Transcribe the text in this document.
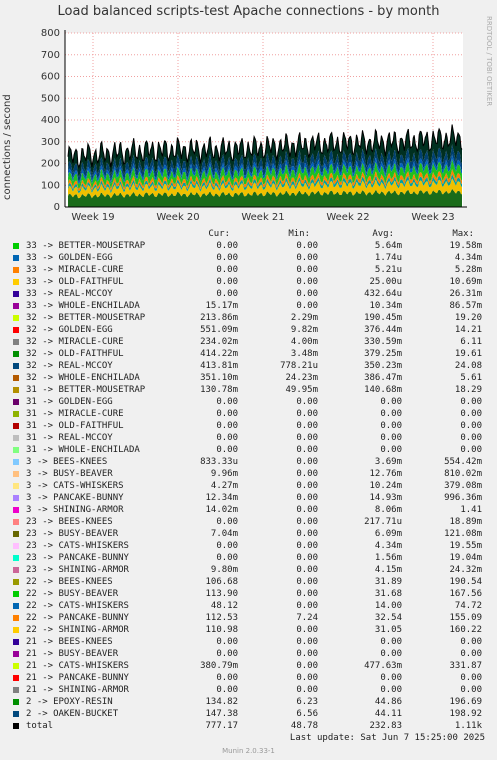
Load balanced scripts-test Apache connections - by month
connections / second
RRDTOOL / TOBI OETIKER
0
100
200
300
400
500
600
700
800
Week 19	Week 20	Week 21	Week 22	Week 23
Cur:	Min:	Avg:	Max:
33 -> BETTER-MOUSETRAP	0.00	0.00	5.64m	19.58m
33 -> GOLDEN-EGG	0.00	0.00	1.74u	4.34m
33 -> MIRACLE-CURE	0.00	0.00	5.21u	5.28m
33 -> OLD-FAITHFUL	0.00	0.00	25.00u	10.69m
33 -> REAL-MCCOY	0.00	0.00	432.64u	26.31m
33 -> WHOLE-ENCHILADA	15.17m	0.00	10.34m	86.57m
32 -> BETTER-MOUSETRAP	213.86m	2.29m	190.45m	19.20
32 -> GOLDEN-EGG	551.09m	9.82m	376.44m	14.21
32 -> MIRACLE-CURE	234.02m	4.00m	330.59m	6.11
32 -> OLD-FAITHFUL	414.22m	3.48m	379.25m	19.61
32 -> REAL-MCCOY	413.81m	778.21u	350.23m	24.08
32 -> WHOLE-ENCHILADA	351.10m	24.23m	386.47m	5.61
31 -> BETTER-MOUSETRAP	130.78m	49.95m	140.68m	18.29
31 -> GOLDEN-EGG	0.00	0.00	0.00	0.00
31 -> MIRACLE-CURE	0.00	0.00	0.00	0.00
31 -> OLD-FAITHFUL	0.00	0.00	0.00	0.00
31 -> REAL-MCCOY	0.00	0.00	0.00	0.00
31 -> WHOLE-ENCHILADA	0.00	0.00	0.00	0.00
3 -> BEES-KNEES	833.33u	0.00	3.69m	554.42m
3 -> BUSY-BEAVER	9.96m	0.00	12.76m	810.02m
3 -> CATS-WHISKERS	4.27m	0.00	10.24m	379.08m
3 -> PANCAKE-BUNNY	12.34m	0.00	14.93m	996.36m
3 -> SHINING-ARMOR	14.02m	0.00	8.06m	1.41
23 -> BEES-KNEES	0.00	0.00	217.71u	18.89m
23 -> BUSY-BEAVER	7.04m	0.00	6.09m	121.08m
23 -> CATS-WHISKERS	0.00	0.00	4.34m	19.55m
23 -> PANCAKE-BUNNY	0.00	0.00	1.56m	19.04m
23 -> SHINING-ARMOR	9.80m	0.00	4.15m	24.32m
22 -> BEES-KNEES	106.68	0.00	31.89	190.54
22 -> BUSY-BEAVER	113.90	0.00	31.68	167.56
22 -> CATS-WHISKERS	48.12	0.00	14.00	74.72
22 -> PANCAKE-BUNNY	112.53	7.24	32.54	155.09
22 -> SHINING-ARMOR	110.98	0.00	31.05	160.22
21 -> BEES-KNEES	0.00	0.00	0.00	0.00
21 -> BUSY-BEAVER	0.00	0.00	0.00	0.00
21 -> CATS-WHISKERS	380.79m	0.00	477.63m	331.87
21 -> PANCAKE-BUNNY	0.00	0.00	0.00	0.00
21 -> SHINING-ARMOR	0.00	0.00	0.00	0.00
2 -> EPOXY-RESIN	134.82	6.23	44.86	196.69
2 -> OAKEN-BUCKET	147.38	6.56	44.11	198.92
total	777.17	48.78	232.83	1.11k
Last update: Sat Jun 7 15:25:00 2025
Munin 2.0.33-1
